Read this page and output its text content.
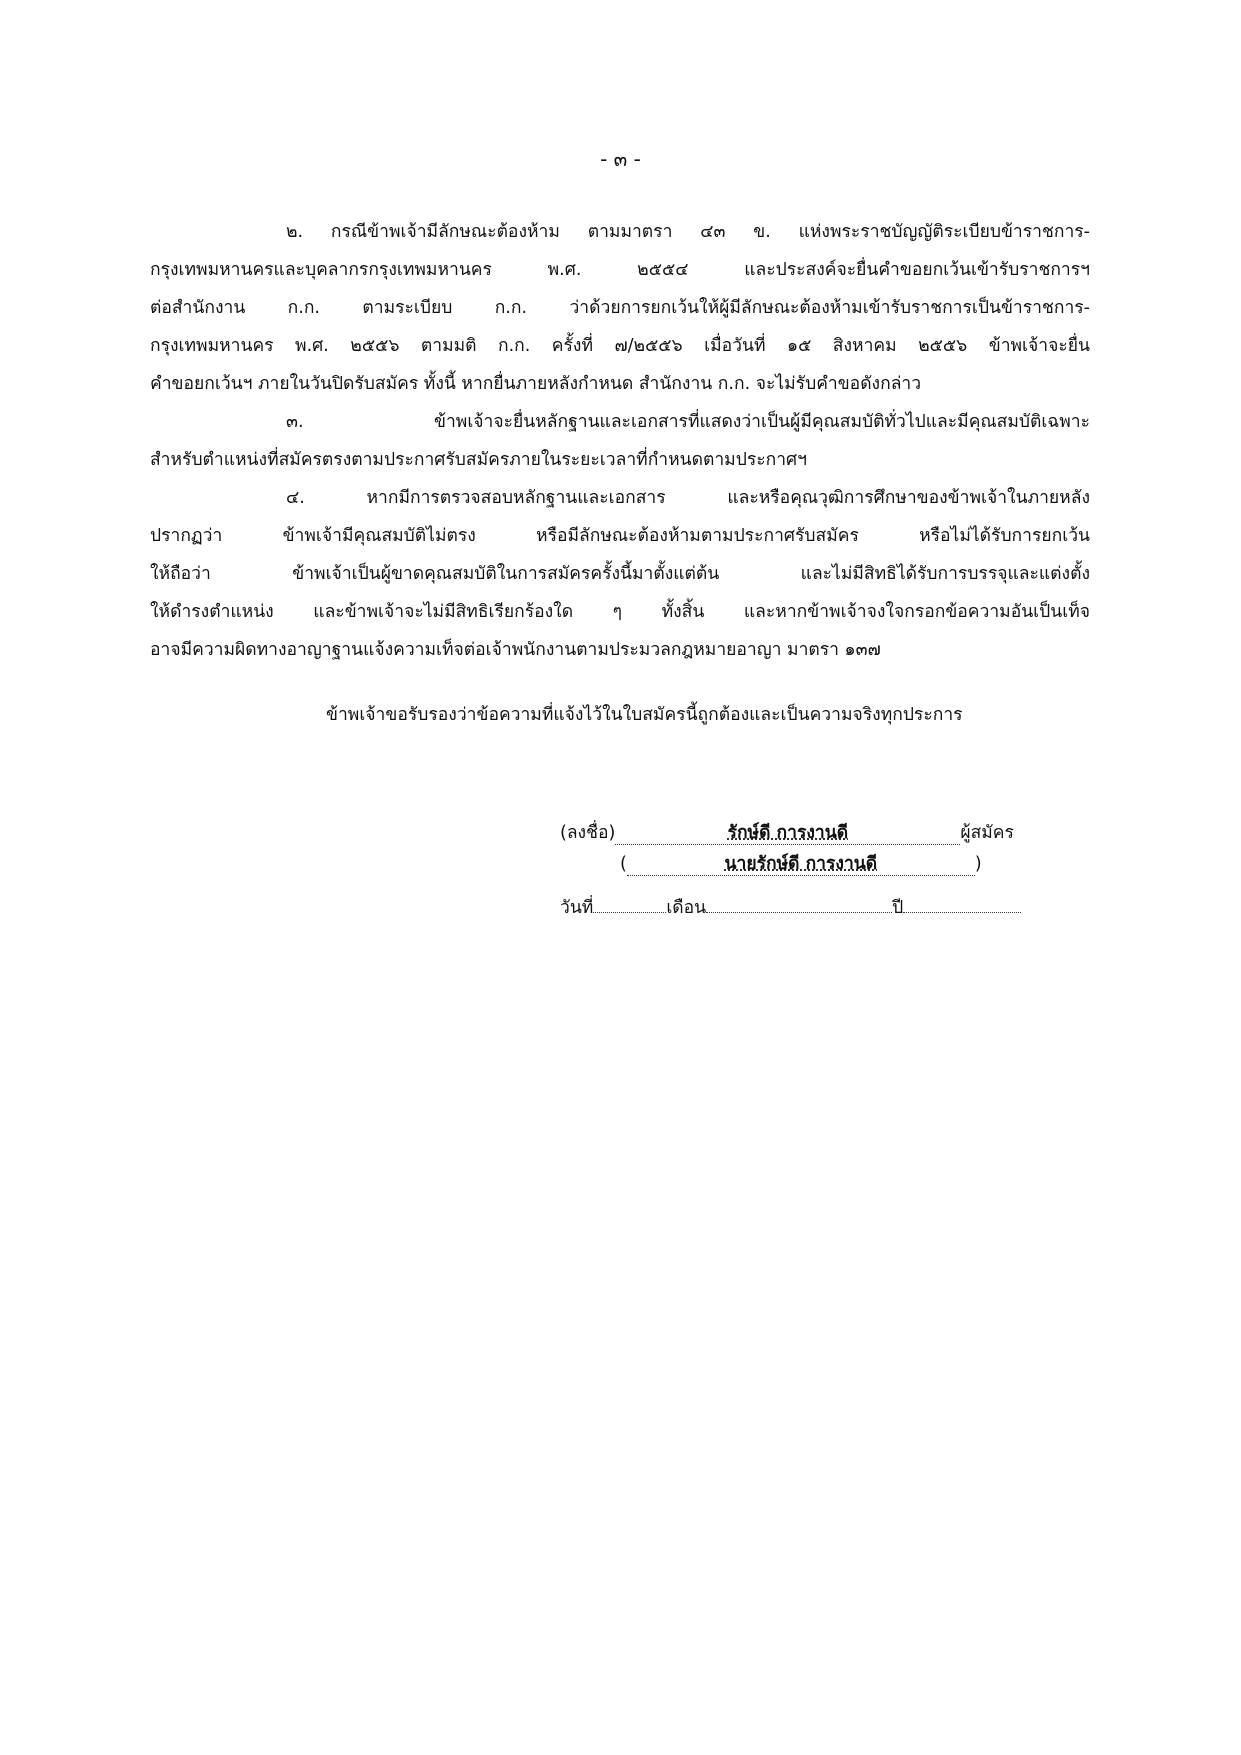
- ๓ -
๒. กรณีข้าพเจ้ามีลักษณะต้องห้าม ตามมาตรา ๔๓ ข. แห่งพระราชบัญญัติระเบียบข้าราชการ-
กรุงเทพมหานครและบุคลากรกรุงเทพมหานคร พ.ศ. ๒๕๕๔ และประสงค์จะยื่นคำขอยกเว้นเข้ารับราชการฯ
ต่อสำนักงาน ก.ก. ตามระเบียบ ก.ก. ว่าด้วยการยกเว้นให้ผู้มีลักษณะต้องห้ามเข้ารับราชการเป็นข้าราชการ-
กรุงเทพมหานคร พ.ศ. ๒๕๕๖ ตามมติ ก.ก. ครั้งที่ ๗/๒๕๕๖ เมื่อวันที่ ๑๕ สิงหาคม ๒๕๕๖ ข้าพเจ้าจะยื่น
คำขอยกเว้นฯ ภายในวันปิดรับสมัคร ทั้งนี้ หากยื่นภายหลังกำหนด สำนักงาน ก.ก. จะไม่รับคำขอดังกล่าว
๓. ข้าพเจ้าจะยื่นหลักฐานและเอกสารที่แสดงว่าเป็นผู้มีคุณสมบัติทั่วไปและมีคุณสมบัติเฉพาะ
สำหรับตำแหน่งที่สมัครตรงตามประกาศรับสมัครภายในระยะเวลาที่กำหนดตามประกาศฯ
๔. หากมีการตรวจสอบหลักฐานและเอกสาร และหรือคุณวุฒิการศึกษาของข้าพเจ้าในภายหลัง
ปรากฏว่า ข้าพเจ้ามีคุณสมบัติไม่ตรง หรือมีลักษณะต้องห้ามตามประกาศรับสมัคร หรือไม่ได้รับการยกเว้น
ให้ถือว่า ข้าพเจ้าเป็นผู้ขาดคุณสมบัติในการสมัครครั้งนี้มาตั้งแต่ต้น และไม่มีสิทธิได้รับการบรรจุและแต่งตั้ง
ให้ดำรงตำแหน่ง และข้าพเจ้าจะไม่มีสิทธิเรียกร้องใด ๆ ทั้งสิ้น และหากข้าพเจ้าจงใจกรอกข้อความอันเป็นเท็จ
อาจมีความผิดทางอาญาฐานแจ้งความเท็จต่อเจ้าพนักงานตามประมวลกฎหมายอาญา มาตรา ๑๓๗
ข้าพเจ้าขอรับรองว่าข้อความที่แจ้งไว้ในใบสมัครนี้ถูกต้องและเป็นความจริงทุกประการ
(ลงชื่อ)	รักษ์ดี การงานดี	ผู้สมัคร
(	นายรักษ์ดี การงานดี	)
วันที่	เดือน	ปี
